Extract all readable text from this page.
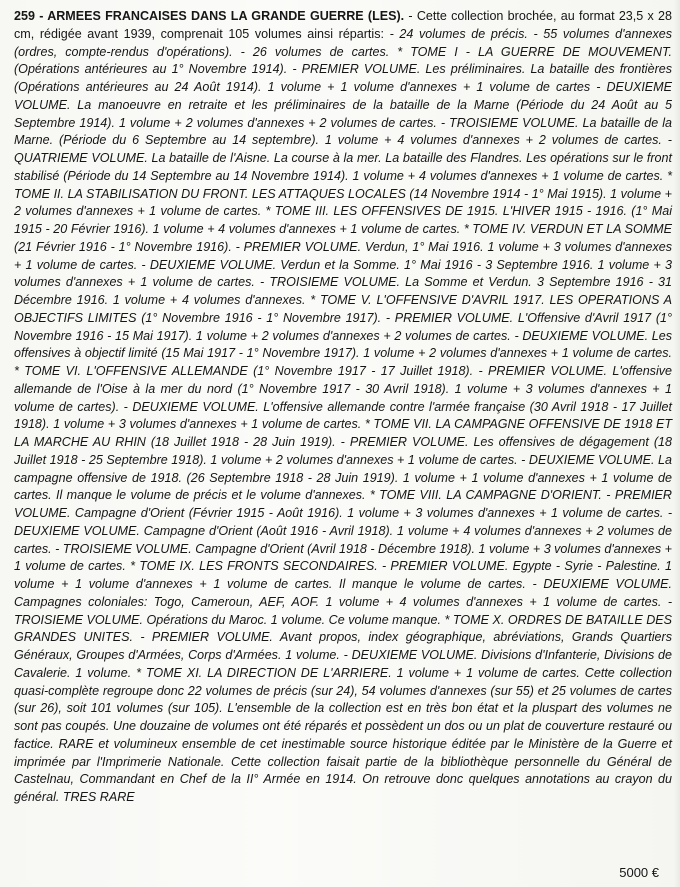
259 - ARMEES FRANCAISES DANS LA GRANDE GUERRE (LES). - Cette collection brochée, au format 23,5 x 28 cm, rédigée avant 1939, comprenait 105 volumes ainsi répartis: - 24 volumes de précis. - 55 volumes d'annexes (ordres, compte-rendus d'opérations). - 26 volumes de cartes. * TOME I - LA GUERRE DE MOUVEMENT. (Opérations antérieures au 1° Novembre 1914). - PREMIER VOLUME. Les préliminaires. La bataille des frontières (Opérations antérieures au 24 Août 1914). 1 volume + 1 volume d'annexes + 1 volume de cartes - DEUXIEME VOLUME. La manoeuvre en retraite et les préliminaires de la bataille de la Marne (Période du 24 Août au 5 Septembre 1914). 1 volume + 2 volumes d'annexes + 2 volumes de cartes. - TROISIEME VOLUME. La bataille de la Marne. (Période du 6 Septembre au 14 septembre). 1 volume + 4 volumes d'annexes + 2 volumes de cartes. - QUATRIEME VOLUME. La bataille de l'Aisne. La course à la mer. La bataille des Flandres. Les opérations sur le front stabilisé (Période du 14 Septembre au 14 Novembre 1914). 1 volume + 4 volumes d'annexes + 1 volume de cartes. * TOME II. LA STABILISATION DU FRONT. LES ATTAQUES LOCALES (14 Novembre 1914 - 1° Mai 1915). 1 volume + 2 volumes d'annexes + 1 volume de cartes. * TOME III. LES OFFENSIVES DE 1915. L'HIVER 1915 - 1916. (1° Mai 1915 - 20 Février 1916). 1 volume + 4 volumes d'annexes + 1 volume de cartes. * TOME IV. VERDUN ET LA SOMME (21 Février 1916 - 1° Novembre 1916). - PREMIER VOLUME. Verdun, 1° Mai 1916. 1 volume + 3 volumes d'annexes + 1 volume de cartes. - DEUXIEME VOLUME. Verdun et la Somme. 1° Mai 1916 - 3 Septembre 1916. 1 volume + 3 volumes d'annexes + 1 volume de cartes. - TROISIEME VOLUME. La Somme et Verdun. 3 Septembre 1916 - 31 Décembre 1916. 1 volume + 4 volumes d'annexes. * TOME V. L'OFFENSIVE D'AVRIL 1917. LES OPERATIONS A OBJECTIFS LIMITES (1° Novembre 1916 - 1° Novembre 1917). - PREMIER VOLUME. L'Offensive d'Avril 1917 (1° Novembre 1916 - 15 Mai 1917). 1 volume + 2 volumes d'annexes + 2 volumes de cartes. - DEUXIEME VOLUME. Les offensives à objectif limité (15 Mai 1917 - 1° Novembre 1917). 1 volume + 2 volumes d'annexes + 1 volume de cartes. * TOME VI. L'OFFENSIVE ALLEMANDE (1° Novembre 1917 - 17 Juillet 1918). - PREMIER VOLUME. L'offensive allemande de l'Oise à la mer du nord (1° Novembre 1917 - 30 Avril 1918). 1 volume + 3 volumes d'annexes + 1 volume de cartes). - DEUXIEME VOLUME. L'offensive allemande contre l'armée française (30 Avril 1918 - 17 Juillet 1918). 1 volume + 3 volumes d'annexes + 1 volume de cartes. * TOME VII. LA CAMPAGNE OFFENSIVE DE 1918 ET LA MARCHE AU RHIN (18 Juillet 1918 - 28 Juin 1919). - PREMIER VOLUME. Les offensives de dégagement (18 Juillet 1918 - 25 Septembre 1918). 1 volume + 2 volumes d'annexes + 1 volume de cartes. - DEUXIEME VOLUME. La campagne offensive de 1918. (26 Septembre 1918 - 28 Juin 1919). 1 volume + 1 volume d'annexes + 1 volume de cartes. Il manque le volume de précis et le volume d'annexes. * TOME VIII. LA CAMPAGNE D'ORIENT. - PREMIER VOLUME. Campagne d'Orient (Février 1915 - Août 1916). 1 volume + 3 volumes d'annexes + 1 volume de cartes. - DEUXIEME VOLUME. Campagne d'Orient (Août 1916 - Avril 1918). 1 volume + 4 volumes d'annexes + 2 volumes de cartes. - TROISIEME VOLUME. Campagne d'Orient (Avril 1918 - Décembre 1918). 1 volume + 3 volumes d'annexes + 1 volume de cartes. * TOME IX. LES FRONTS SECONDAIRES. - PREMIER VOLUME. Egypte - Syrie - Palestine. 1 volume + 1 volume d'annexes + 1 volume de cartes. Il manque le volume de cartes. - DEUXIEME VOLUME. Campagnes coloniales: Togo, Cameroun, AEF, AOF. 1 volume + 4 volumes d'annexes + 1 volume de cartes. - TROISIEME VOLUME. Opérations du Maroc. 1 volume. Ce volume manque. * TOME X. ORDRES DE BATAILLE DES GRANDES UNITES. - PREMIER VOLUME. Avant propos, index géographique, abréviations, Grands Quartiers Généraux, Groupes d'Armées, Corps d'Armées. 1 volume. - DEUXIEME VOLUME. Divisions d'Infanterie, Divisions de Cavalerie. 1 volume. * TOME XI. LA DIRECTION DE L'ARRIERE. 1 volume + 1 volume de cartes. Cette collection quasi-complète regroupe donc 22 volumes de précis (sur 24), 54 volumes d'annexes (sur 55) et 25 volumes de cartes (sur 26), soit 101 volumes (sur 105). L'ensemble de la collection est en très bon état et la pluspart des volumes ne sont pas coupés. Une douzaine de volumes ont été réparés et possèdent un dos ou un plat de couverture restauré ou factice. RARE et volumineux ensemble de cet inestimable source historique éditée par le Ministère de la Guerre et imprimée par l'Imprimerie Nationale. Cette collection faisait partie de la bibliothèque personnelle du Général de Castelnau, Commandant en Chef de la II° Armée en 1914. On retrouve donc quelques annotations au crayon du général. TRES RARE
5000 €
